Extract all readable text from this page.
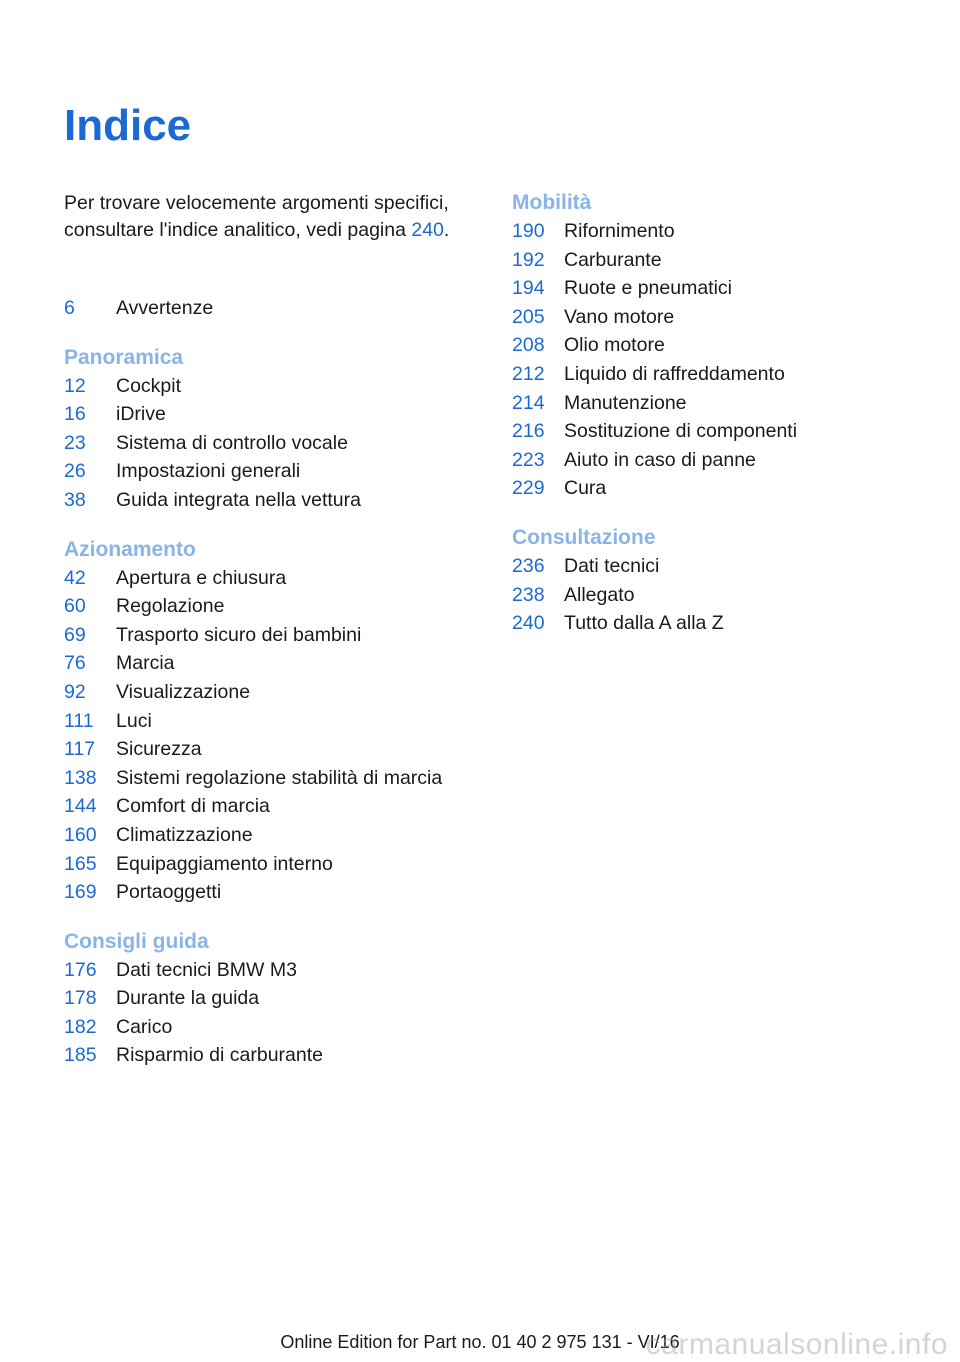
Indice
Per trovare velocemente argomenti specifici, consultare l'indice analitico, vedi pagina 240.
6	Avvertenze
Panoramica
12	Cockpit
16	iDrive
23	Sistema di controllo vocale
26	Impostazioni generali
38	Guida integrata nella vettura
Azionamento
42	Apertura e chiusura
60	Regolazione
69	Trasporto sicuro dei bambini
76	Marcia
92	Visualizzazione
111	Luci
117	Sicurezza
138 Sistemi regolazione stabilità di marcia
144 Comfort di marcia
160 Climatizzazione
165 Equipaggiamento interno
169 Portaoggetti
Consigli guida
176 Dati tecnici BMW M3
178 Durante la guida
182 Carico
185 Risparmio di carburante
Mobilità
190 Rifornimento
192 Carburante
194 Ruote e pneumatici
205 Vano motore
208 Olio motore
212 Liquido di raffreddamento
214 Manutenzione
216 Sostituzione di componenti
223 Aiuto in caso di panne
229 Cura
Consultazione
236 Dati tecnici
238 Allegato
240 Tutto dalla A alla Z
Online Edition for Part no. 01 40 2 975 131 - VI/16
carmanualsonline.info
